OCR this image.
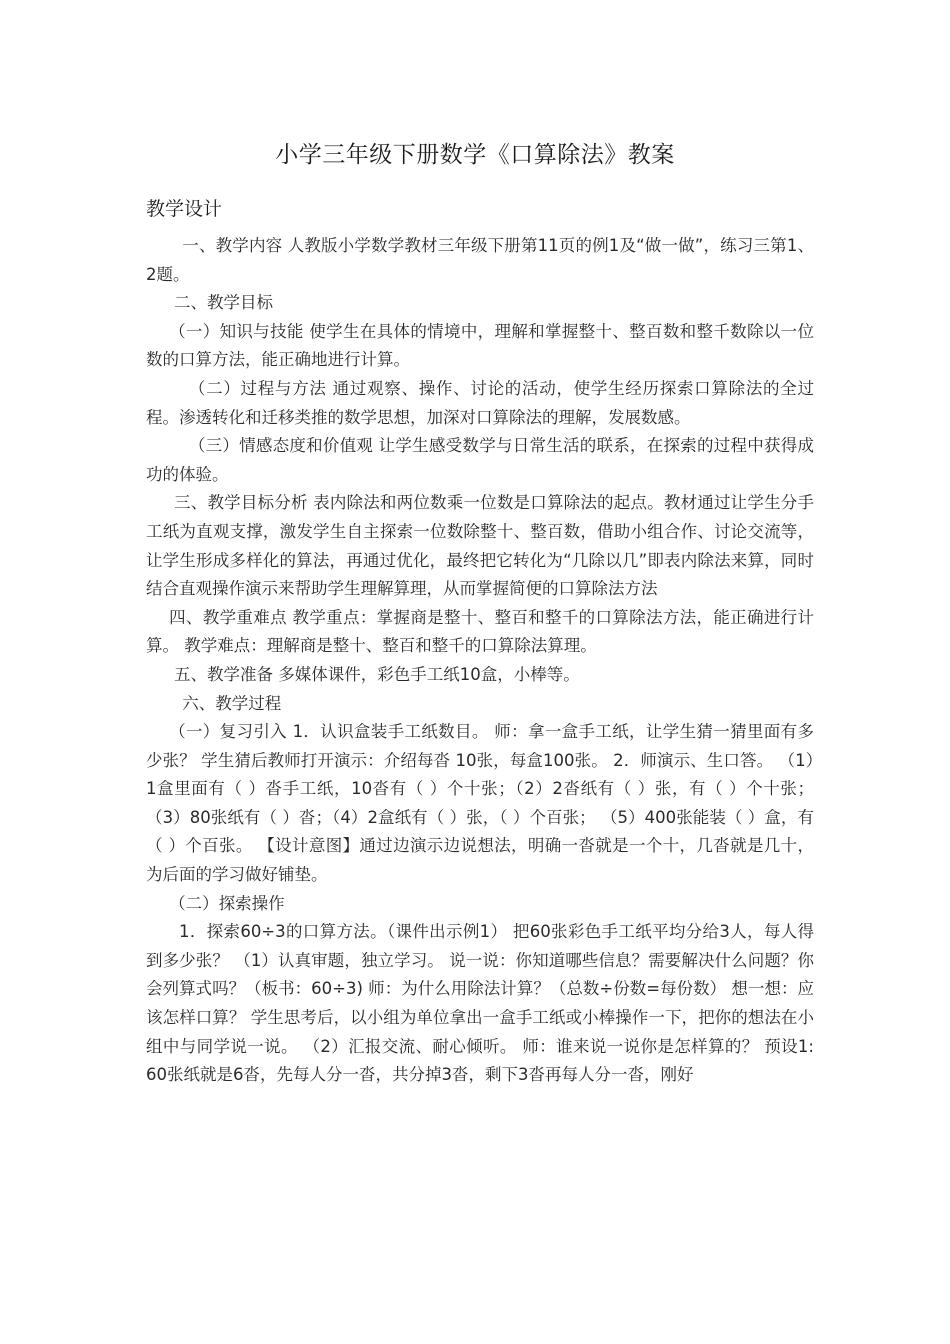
小学三年级下册数学《口算除法》教案
教学设计

一、教学内容 人教版小学数学教材三年级下册第11页的例1及“做一做”，练习三第1、2题。

二、教学目标

（一）知识与技能 使学生在具体的情境中，理解和掌握整十、整百数和整千数除以一位数的口算方法，能正确地进行计算。

（二）过程与方法 通过观察、操作、讨论的活动，使学生经历探索口算除法的全过程。渗透转化和迁移类推的数学思想，加深对口算除法的理解，发展数感。

（三）情感态度和价值观 让学生感受数学与日常生活的联系，在探索的过程中获得成功的体验。

三、教学目标分析 表内除法和两位数乘一位数是口算除法的起点。教材通过让学生分手工纸为直观支撑，激发学生自主探索一位数除整十、整百数，借助小组合作、讨论交流等，让学生形成多样化的算法，再通过优化，最终把它转化为“几除以几”即表内除法来算，同时结合直观操作演示来帮助学生理解算理，从而掌握简便的口算除法方法

四、教学重难点 教学重点：掌握商是整十、整百和整千的口算除法方法，能正确进行计算。 教学难点：理解商是整十、整百和整千的口算除法算理。

五、教学准备 多媒体课件，彩色手工纸10盒，小棒等。

六、教学过程

（一）复习引入 1．认识盒装手工纸数目。 师：拿一盒手工纸，让学生猜一猜里面有多少张？ 学生猜后教师打开演示：介绍每沓 10张，每盒100张。 2．师演示、生口答。 （1）1盒里面有（ ）沓手工纸，10沓有（ ）个十张；（2）2沓纸有（ ）张，有（ ）个十张； （3）80张纸有（ ）沓；（4）2盒纸有（ ）张，（ ）个百张； （5）400张能装（ ）盒，有（ ）个百张。 【设计意图】通过边演示边说想法，明确一沓就是一个十，几沓就是几十，为后面的学习做好铺垫。

（二）探索操作

1．探索60÷3的口算方法。（课件出示例1） 把60张彩色手工纸平均分给3人，每人得到多少张？ （1）认真审题，独立学习。 说一说：你知道哪些信息？需要解决什么问题？你会列算式吗？（板书：60÷3) 师：为什么用除法计算？（总数÷份数=每份数） 想一想：应该怎样口算？ 学生思考后，以小组为单位拿出一盒手工纸或小棒操作一下，把你的想法在小组中与同学说一说。 （2）汇报交流、耐心倾听。 师：谁来说一说你是怎样算的？ 预设1: 60张纸就是6沓，先每人分一沓，共分掉3沓，剩下3沓再每人分一沓，刚好
